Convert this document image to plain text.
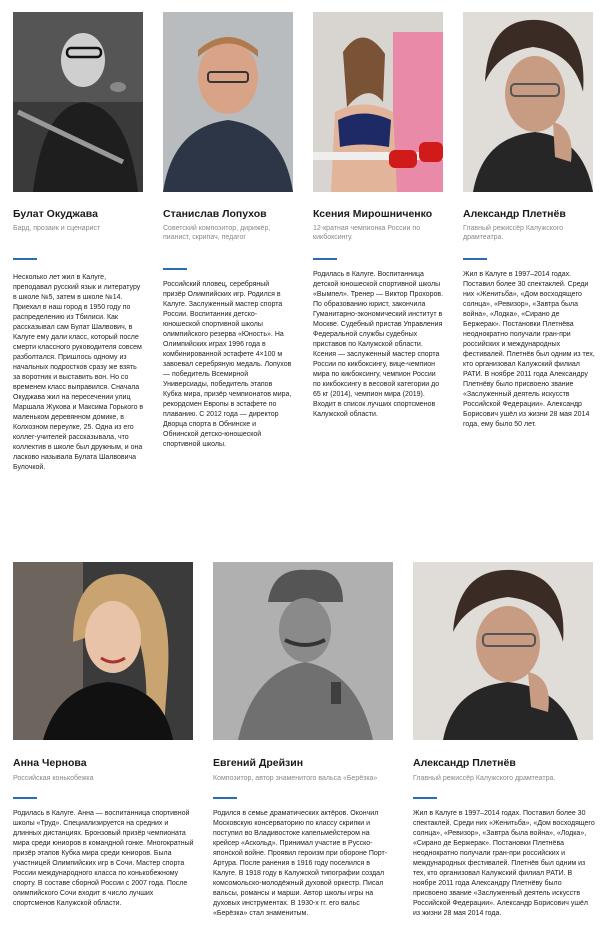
Булат Окуджава
Бард, прозаик и сценарист
Несколько лет жил в Калуге, преподавал русский язык и литературу в школе №5, затем в школе №14. Приехал в наш город в 1950 году по распределению из Тбилиси. Как рассказывал сам Булат Шалвович, в Калуге ему дали класс, который после смерти классного руководителя совсем разболтался. Пришлось одному из начальных подростков сразу же взять за воротник и выставить вон. Но со временем класс выправился. Сначала Окуджава жил на пересечении улиц Маршала Жукова и Максима Горького в маленьком деревянном домике, в Колхозном переулке, 25. Одна из его коллег-учителей рассказывала, что коллектив в школе был дружным, и она ласково называла Булата Шалвовича Булочкой.
Станислав Лопухов
Советский композитор, дирижёр, пианист, скрипач, педагог
Российский пловец, серебряный призёр Олимпийских игр. Родился в Калуге. Заслуженный мастер спорта России. Воспитанник детско-юношеской спортивной школы олимпийского резерва «Юность». На Олимпийских играх 1996 года в комбинированной эстафете 4×100 м завоевал серебряную медаль. Лопухов — победитель Всемирной Универсиады, победитель этапов Кубка мира, призёр чемпионатов мира, рекордсмен Европы в эстафете по плаванию. С 2012 года — директор Дворца спорта в Обнинске и Обнинской детско-юношеской спортивной школы.
Ксения Мирошниченко
12-кратная чемпионка России по кикбоксингу.
Родилась в Калуге. Воспитанница детской юношеской спортивной школы «Вымпел». Тренер — Виктор Прохоров. По образованию юрист, закончила Гуманитарно-экономический институт в Москве. Судебный пристав Управления Федеральной службы судебных приставов по Калужской области. Ксения — заслуженный мастер спорта России по кикбоксингу, вице-чемпион мира по кикбоксингу, чемпион России по кикбоксингу в весовой категории до 65 кг (2014), чемпион мира (2019). Входит в список лучших спортсменов Калужской области.
Александр Плетнёв
Главный режиссёр Калужского драмтеатра.
Жил в Калуге в 1997–2014 годах. Поставил более 30 спектаклей. Среди них «Женитьба», «Дом восходящего солнца», «Ревизор», «Завтра была война», «Лодка», «Сирано де Бержерак». Постановки Плетнёва неоднократно получали гран-при российских и международных фестивалей. Плетнёв был одним из тех, кто организовал Калужский филиал РАТИ. В ноябре 2011 года Александру Плетнёву было присвоено звание «Заслуженный деятель искусств Российской Федерации». Александр Борисович ушёл из жизни 28 мая 2014 года, ему было 50 лет.
Анна Чернова
Российская конькобежка
Родилась в Калуге. Анна — воспитанница спортивной школы «Труд». Специализируется на средних и длинных дистанциях. Бронзовый призёр чемпионата мира среди юниоров в командной гонке. Многократный призёр этапов Кубка мира среди юниоров. Была участницей Олимпийских игр в Сочи. Мастер спорта России международного класса по конькобежному спорту. В составе сборной России с 2007 года. После олимпийского Сочи входит в число лучших спортсменов Калужской области.
Евгений Дрейзин
Композитор, автор знаменитого вальса «Берёзка»
Родился в семье драматических актёров. Окончил Московскую консерваторию по классу скрипки и поступил во Владивостоке капельмейстером на крейсер «Аскольд». Принимал участие в Русско-японской войне. Проявил героизм при обороне Порт-Артура. После ранения в 1916 году поселился в Калуге. В 1918 году в Калужской типографии создал комсомольско-молодёжный духовой оркестр. Писал вальсы, романсы и марши. Автор школы игры на духовых инструментах. В 1930-х гг. его вальс «Берёзка» стал знаменитым.
Александр Плетнёв
Главный режиссёр Калужского драмтеатра.
Жил в Калуге в 1997–2014 годах. Поставил более 30 спектаклей. Среди них «Женитьба», «Дом восходящего солнца», «Ревизор», «Завтра была война», «Лодка», «Сирано де Бержерак». Постановки Плетнёва неоднократно получали гран-при российских и международных фестивалей. Плетнёв был одним из тех, кто организовал Калужский филиал РАТИ. В ноябре 2011 года Александру Плетнёву было присвоено звание «Заслуженный деятель искусств Российской Федерации». Александр Борисович ушёл из жизни 28 мая 2014 года.
